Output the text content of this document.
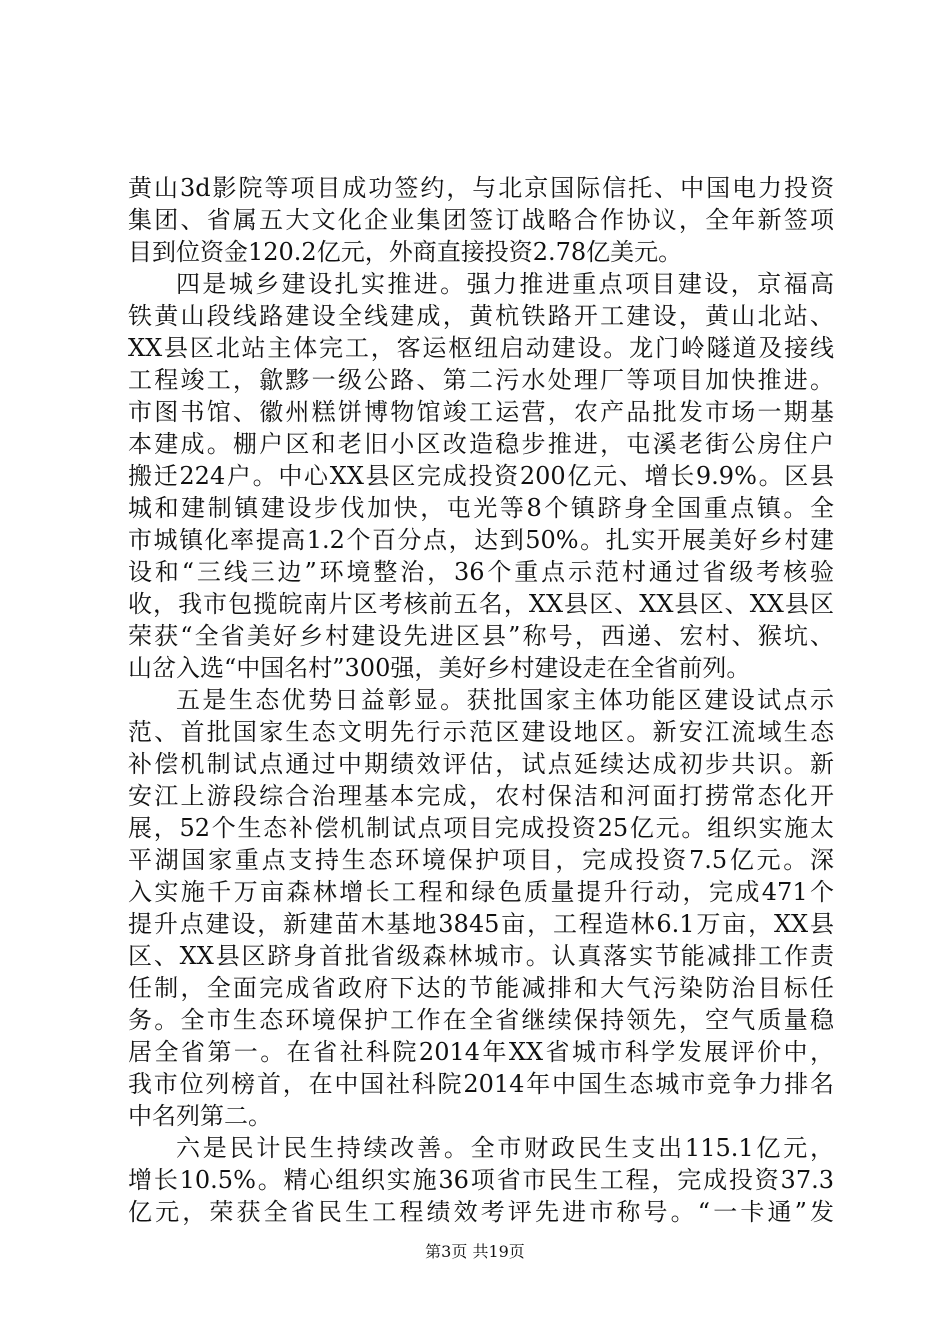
黄山3d影院等项目成功签约，与北京国际信托、中国电力投资
集团、省属五大文化企业集团签订战略合作协议，全年新签项
目到位资金120.2亿元，外商直接投资2.78亿美元。
四是城乡建设扎实推进。强力推进重点项目建设，京福高
铁黄山段线路建设全线建成，黄杭铁路开工建设，黄山北站、
XX县区北站主体完工，客运枢纽启动建设。龙门岭隧道及接线
工程竣工，歙黟一级公路、第二污水处理厂等项目加快推进。
市图书馆、徽州糕饼博物馆竣工运营，农产品批发市场一期基
本建成。棚户区和老旧小区改造稳步推进，屯溪老街公房住户
搬迁224户。中心XX县区完成投资200亿元、增长9.9%。区县
城和建制镇建设步伐加快，屯光等8个镇跻身全国重点镇。全
市城镇化率提高1.2个百分点，达到50%。扎实开展美好乡村建
设和“三线三边”环境整治，36个重点示范村通过省级考核验
收，我市包揽皖南片区考核前五名，XX县区、XX县区、XX县区
荣获“全省美好乡村建设先进区县”称号，西递、宏村、猴坑、
山岔入选“中国名村”300强，美好乡村建设走在全省前列。
五是生态优势日益彰显。获批国家主体功能区建设试点示
范、首批国家生态文明先行示范区建设地区。新安江流域生态
补偿机制试点通过中期绩效评估，试点延续达成初步共识。新
安江上游段综合治理基本完成，农村保洁和河面打捞常态化开
展，52个生态补偿机制试点项目完成投资25亿元。组织实施太
平湖国家重点支持生态环境保护项目，完成投资7.5亿元。深
入实施千万亩森林增长工程和绿色质量提升行动，完成471个
提升点建设，新建苗木基地3845亩，工程造林6.1万亩，XX县
区、XX县区跻身首批省级森林城市。认真落实节能减排工作责
任制，全面完成省政府下达的节能减排和大气污染防治目标任
务。全市生态环境保护工作在全省继续保持领先，空气质量稳
居全省第一。在省社科院2014年XX省城市科学发展评价中，
我市位列榜首，在中国社科院2014年中国生态城市竞争力排名
中名列第二。
六是民计民生持续改善。全市财政民生支出115.1亿元，
增长10.5%。精心组织实施36项省市民生工程，完成投资37.3
亿元，荣获全省民生工程绩效考评先进市称号。“一卡通”发
第3页 共19页
